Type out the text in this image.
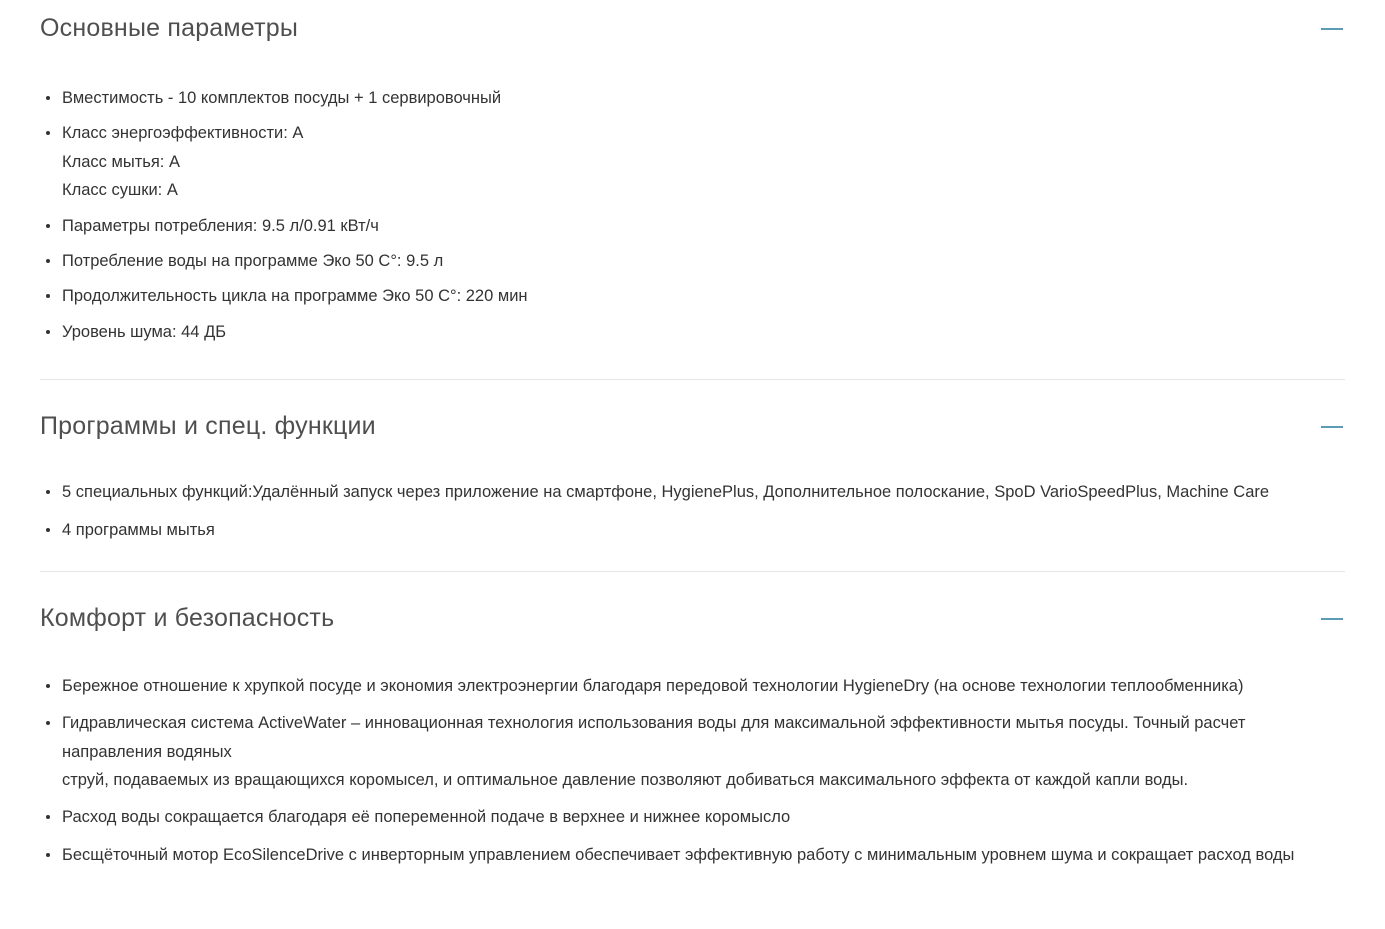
Основные параметры
Вместимость - 10 комплектов посуды + 1 сервировочный
Класс энергоэффективности: А
Класс мытья: А
Класс сушки: А
Параметры потребления: 9.5 л/0.91 кВт/ч
Потребление воды на программе Эко 50 С°: 9.5 л
Продолжительность цикла на программе Эко 50 С°: 220 мин
Уровень шума: 44 ДБ
Программы и спец. функции
5 специальных функций:Удалённый запуск через приложение на смартфоне, HygienePlus, Дополнительное полоскание, SpoD VarioSpeedPlus, Machine Care
4 программы мытья
Комфорт и безопасность
Бережное отношение к хрупкой посуде и экономия электроэнергии благодаря передовой технологии HygieneDry (на основе технологии теплообменника)
Гидравлическая система ActiveWater – инновационная технология использования воды для максимальной эффективности мытья посуды. Точный расчет направления водяных
струй, подаваемых из вращающихся коромысел, и оптимальное давление позволяют добиваться максимального эффекта от каждой капли воды.
Расход воды сокращается благодаря её попеременной подаче в верхнее и нижнее коромысло
Бесщёточный мотор EcoSilenceDrive с инверторным управлением обеспечивает эффективную работу с минимальным уровнем шума и сокращает расход воды
